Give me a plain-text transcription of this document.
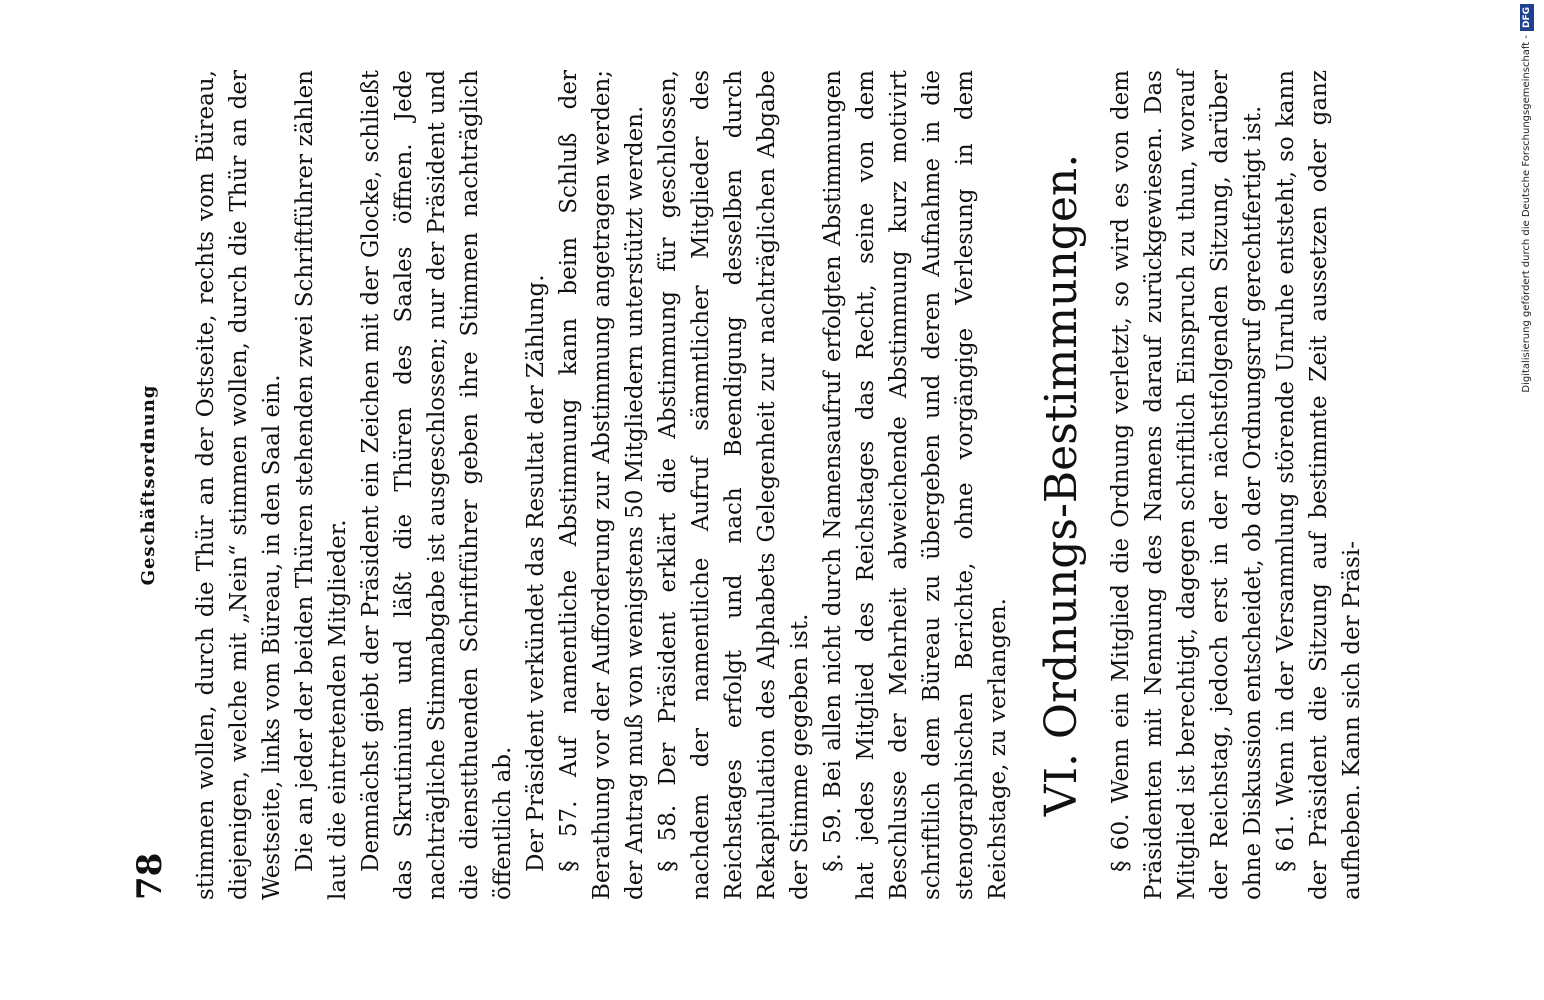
78
Geschäftsordnung stimmen wollen, durch die Thür an der Ostseite, rechts vom Büreau, diejenigen, welche mit „Nein“ stimmen wollen, durch die Thür an der Westseite, links vom Büreau, in den Saal ein. Die an jeder der beiden Thüren stehenden zwei Schriftführer zählen laut die eintretenden Mitglieder. Demnächst giebt der Präsident ein Zeichen mit der Glocke, schließt das Skrutinium und läßt die Thüren des Saales öffnen. Jede nachträgliche Stimmabgabe ist ausgeschlossen; nur der Präsident und die dienstthuenden Schriftführer geben ihre Stimmen nachträglich öffentlich ab. Der Präsident verkündet das Resultat der Zählung. § 57. Auf namentliche Abstimmung kann beim Schluß der Berathung vor der Aufforderung zur Abstimmung angetragen werden; der Antrag muß von wenigstens 50 Mitgliedern unterstützt werden. § 58. Der Präsident erklärt die Abstimmung für geschlossen, nachdem der namentliche Aufruf sämmtlicher Mitglieder des Reichstages erfolgt und nach Beendigung desselben durch Rekapitulation des Alphabets Gelegenheit zur nachträglichen Abgabe der Stimme gegeben ist. §. 59. Bei allen nicht durch Namensaufruf erfolgten Abstimmungen hat jedes Mitglied des Reichstages das Recht, seine von dem Beschlusse der Mehrheit abweichende Abstimmung kurz motivirt schriftlich dem Büreau zu übergeben und deren Aufnahme in die stenographischen Berichte, ohne vorgängige Verlesung in dem Reichstage, zu verlangen. VI. Ordnungs-Bestimmungen. § 60. Wenn ein Mitglied die Ordnung verletzt, so wird es von dem Präsidenten mit Nennung des Namens darauf zurückgewiesen. Das Mitglied ist berechtigt, dagegen schriftlich Einspruch zu thun, worauf der Reichstag, jedoch erst in der nächstfolgenden Sitzung, darüber ohne Diskussion entscheidet, ob der Ordnungsruf gerechtfertigt ist. § 61. Wenn in der Versammlung störende Unruhe entsteht, so kann der Präsident die Sitzung auf bestimmte Zeit aussetzen oder ganz aufheben. Kann sich der Präsi-

Digitalisierung gefördert durch die Deutsche Forschungsgemeinschaft -DFG
